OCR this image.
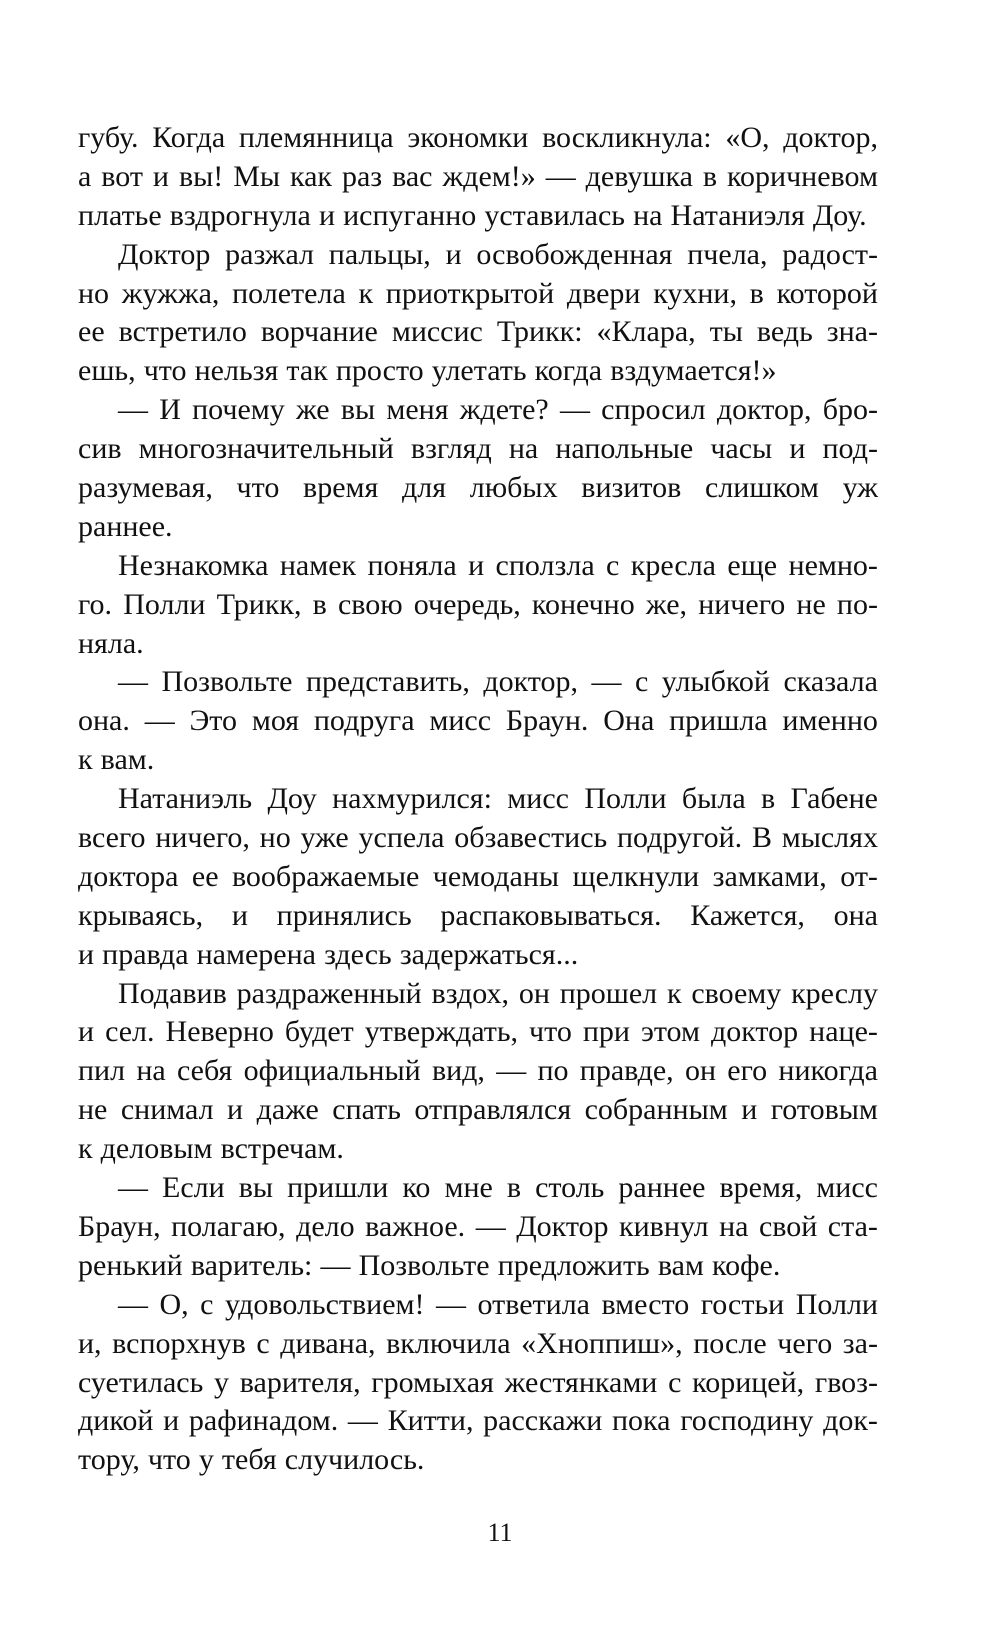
губу. Когда племянница экономки воскликнула: «О, доктор,
а вот и вы! Мы как раз вас ждем!» — девушка в коричневом
платье вздрогнула и испуганно уставилась на Натаниэля Доу.
Доктор разжал пальцы, и освобожденная пчела, радост-
но жужжа, полетела к приоткрытой двери кухни, в которой
ее встретило ворчание миссис Трикк: «Клара, ты ведь зна-
ешь, что нельзя так просто улетать когда вздумается!»
— И почему же вы меня ждете? — спросил доктор, бро-
сив многозначительный взгляд на напольные часы и под-
разумевая, что время для любых визитов слишком уж
раннее.
Незнакомка намек поняла и сползла с кресла еще немно-
го. Полли Трикк, в свою очередь, конечно же, ничего не по-
няла.
— Позвольте представить, доктор, — с улыбкой сказала
она. — Это моя подруга мисс Браун. Она пришла именно
к вам.
Натаниэль Доу нахмурился: мисс Полли была в Габене
всего ничего, но уже успела обзавестись подругой. В мыслях
доктора ее воображаемые чемоданы щелкнули замками, от-
крываясь, и принялись распаковываться. Кажется, она
и правда намерена здесь задержаться...
Подавив раздраженный вздох, он прошел к своему креслу
и сел. Неверно будет утверждать, что при этом доктор наце-
пил на себя официальный вид, — по правде, он его никогда
не снимал и даже спать отправлялся собранным и готовым
к деловым встречам.
— Если вы пришли ко мне в столь раннее время, мисс
Браун, полагаю, дело важное. — Доктор кивнул на свой ста-
ренький варитель: — Позвольте предложить вам кофе.
— О, с удовольствием! — ответила вместо гостьи Полли
и, вспорхнув с дивана, включила «Хноппиш», после чего за-
суетилась у варителя, громыхая жестянками с корицей, гвоз-
дикой и рафинадом. — Китти, расскажи пока господину док-
тору, что у тебя случилось.
11
